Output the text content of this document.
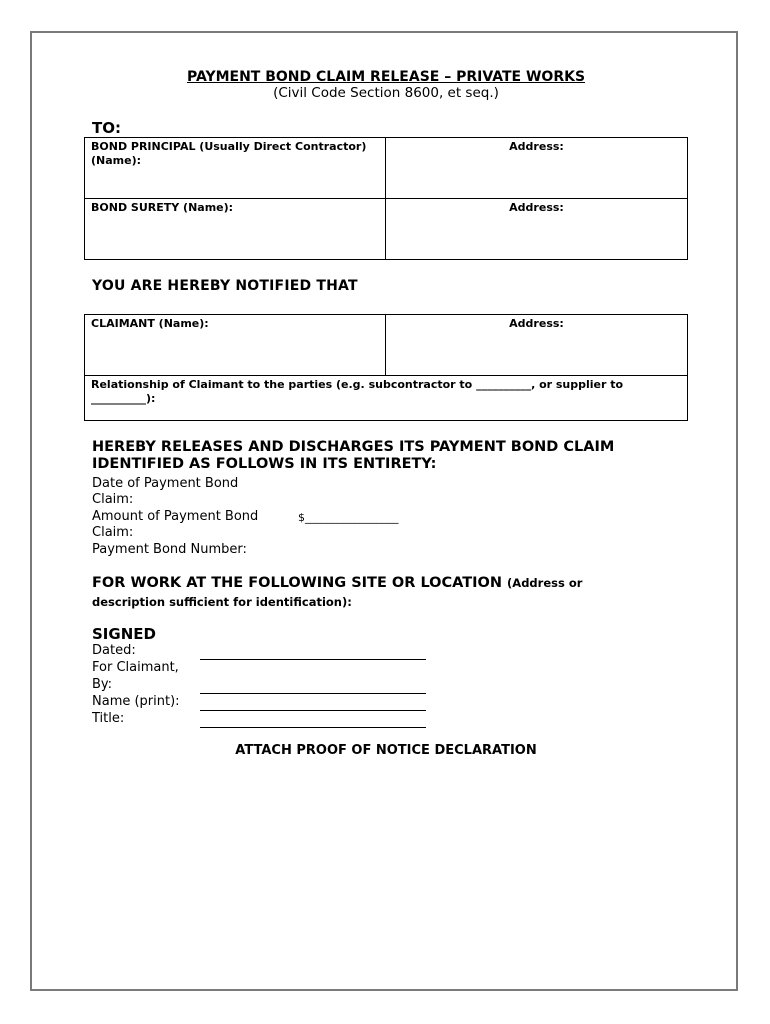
PAYMENT BOND CLAIM RELEASE – PRIVATE WORKS
(Civil Code Section 8600, et seq.)
TO:
BOND PRINCIPAL (Usually Direct Contractor)(Name):	Address:
BOND SURETY (Name):	Address:
YOU ARE HEREBY NOTIFIED THAT
CLAIMANT (Name):	Address:
Relationship of Claimant to the parties (e.g. subcontractor to __________, or supplier to __________):
HEREBY RELEASES AND DISCHARGES ITS PAYMENT BOND CLAIM IDENTIFIED AS FOLLOWS IN ITS ENTIRETY:
Date of Payment Bond
Claim:
Amount of Payment Bond
Claim:
$_________________
Payment Bond Number:
FOR WORK AT THE FOLLOWING SITE OR LOCATION (Address or
description sufficient for identification):
SIGNED
Dated:
For Claimant,
By:
Name (print):
Title:
ATTACH PROOF OF NOTICE DECLARATION
